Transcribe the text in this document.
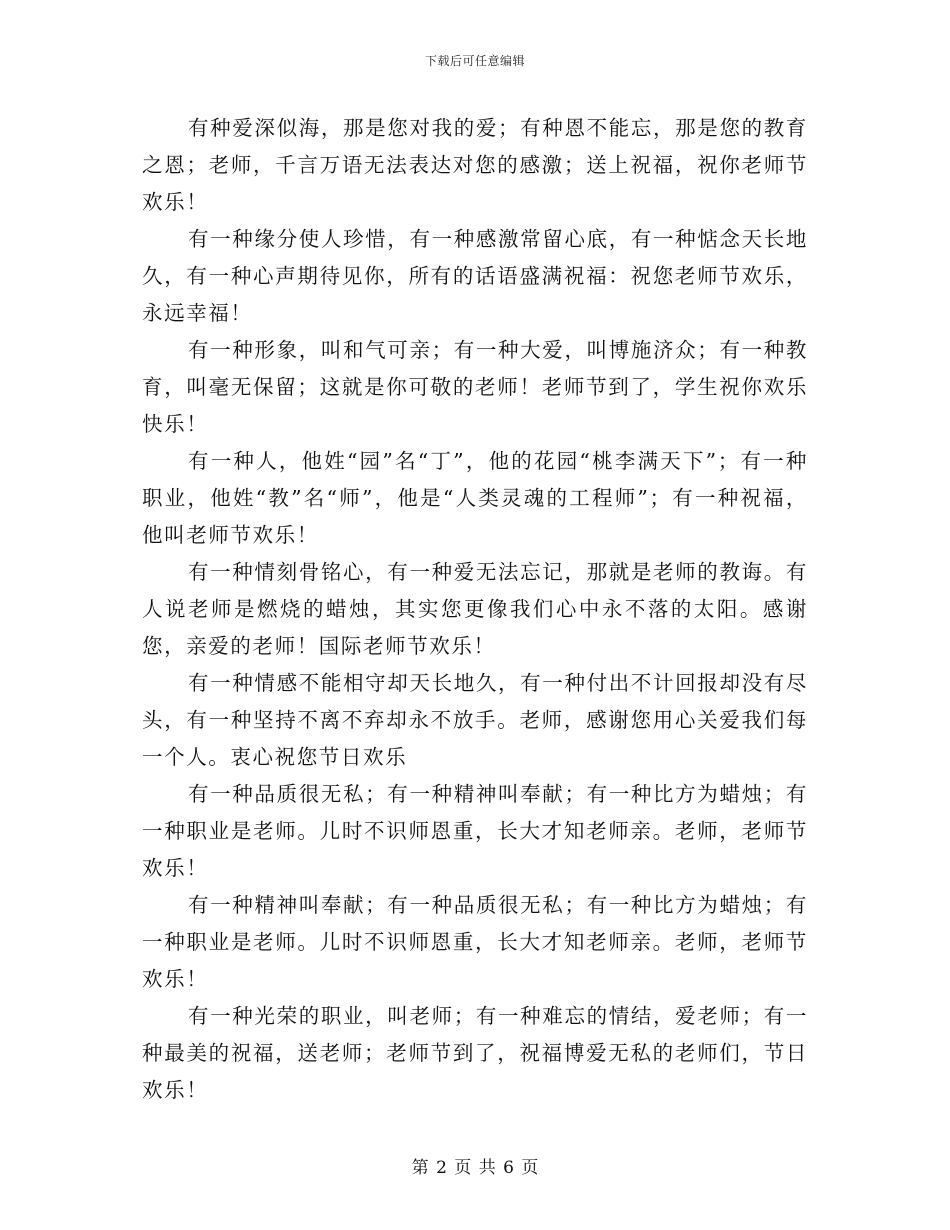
下载后可任意编辑

有种爱深似海，那是您对我的爱；有种恩不能忘，那是您的教育之恩；老师，千言万语无法表达对您的感激；送上祝福，祝你老师节欢乐！

有一种缘分使人珍惜，有一种感激常留心底，有一种惦念天长地久，有一种心声期待见你，所有的话语盛满祝福：祝您老师节欢乐，永远幸福！

有一种形象，叫和气可亲；有一种大爱，叫博施济众；有一种教育，叫毫无保留；这就是你可敬的老师！老师节到了，学生祝你欢乐快乐！

有一种人，他姓“园”名“丁”，他的花园“桃李满天下”；有一种职业，他姓“教”名“师”，他是“人类灵魂的工程师”；有一种祝福，他叫老师节欢乐！

有一种情刻骨铭心，有一种爱无法忘记，那就是老师的教诲。有人说老师是燃烧的蜡烛，其实您更像我们心中永不落的太阳。感谢您，亲爱的老师！国际老师节欢乐！

有一种情感不能相守却天长地久，有一种付出不计回报却没有尽头，有一种坚持不离不弃却永不放手。老师，感谢您用心关爱我们每一个人。衷心祝您节日欢乐

有一种品质很无私；有一种精神叫奉献；有一种比方为蜡烛；有一种职业是老师。儿时不识师恩重，长大才知老师亲。老师，老师节欢乐！

有一种精神叫奉献；有一种品质很无私；有一种比方为蜡烛；有一种职业是老师。儿时不识师恩重，长大才知老师亲。老师，老师节欢乐！

有一种光荣的职业，叫老师；有一种难忘的情结，爱老师；有一种最美的祝福，送老师；老师节到了，祝福博爱无私的老师们，节日欢乐！

第 2 页 共 6 页
